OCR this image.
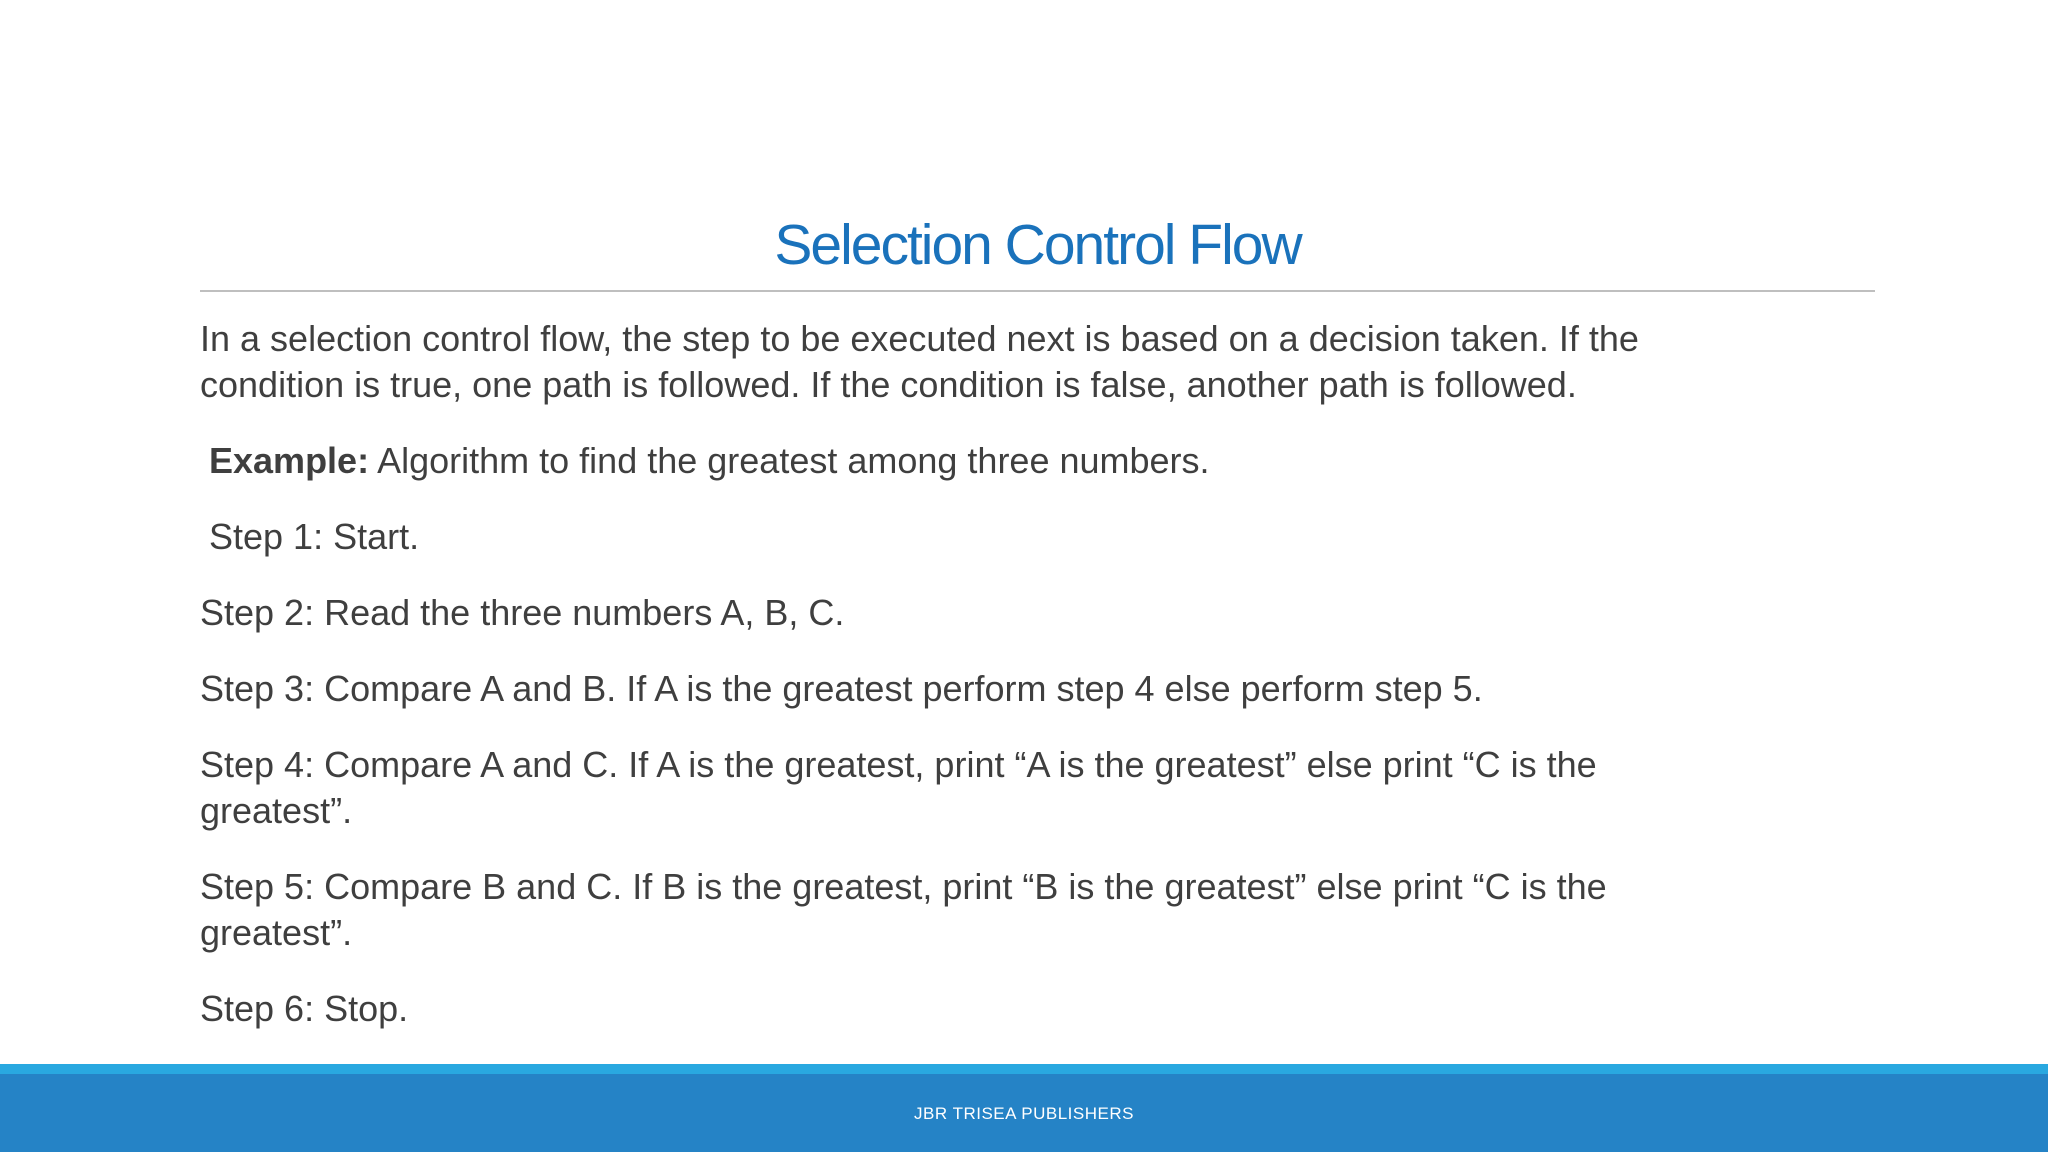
Selection Control Flow

In a selection control flow, the step to be executed next is based on a decision taken. If the

condition is true, one path is followed. If the condition is false, another path is followed.

Example: Algorithm to find the greatest among three numbers.

Step 1: Start.

Step 2: Read the three numbers A, B, C.

Step 3: Compare A and B. If A is the greatest perform step 4 else perform step 5.

Step 4: Compare A and C. If A is the greatest, print “A is the greatest” else print “C is the

greatest”.

Step 5: Compare B and C. If B is the greatest, print “B is the greatest” else print “C is the

greatest”.

Step 6: Stop.

JBR TRISEA PUBLISHERS
